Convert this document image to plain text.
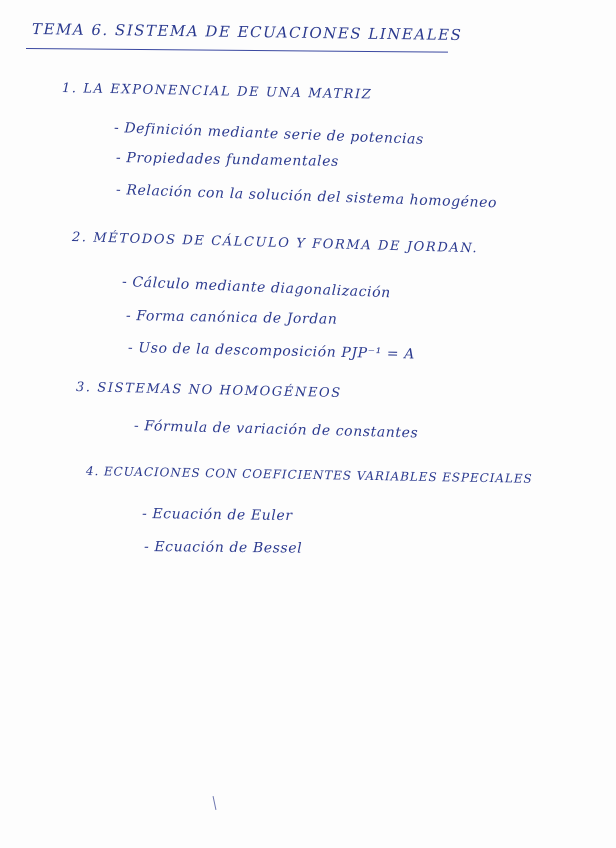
TEMA 6. SISTEMA DE ECUACIONES LINEALES
1. LA EXPONENCIAL DE UNA MATRIZ
- Definición mediante serie de potencias
- Propiedades fundamentales
- Relación con la solución del sistema homogéneo
2. MÉTODOS DE CÁLCULO Y FORMA DE JORDAN.
- Cálculo mediante diagonalización
- Forma canónica de Jordan
- Uso de la descomposición PJP⁻¹ = A
3. SISTEMAS NO HOMOGÉNEOS
- Fórmula de variación de constantes
4. ECUACIONES CON COEFICIENTES VARIABLES ESPECIALES
- Ecuación de Euler
- Ecuación de Bessel
